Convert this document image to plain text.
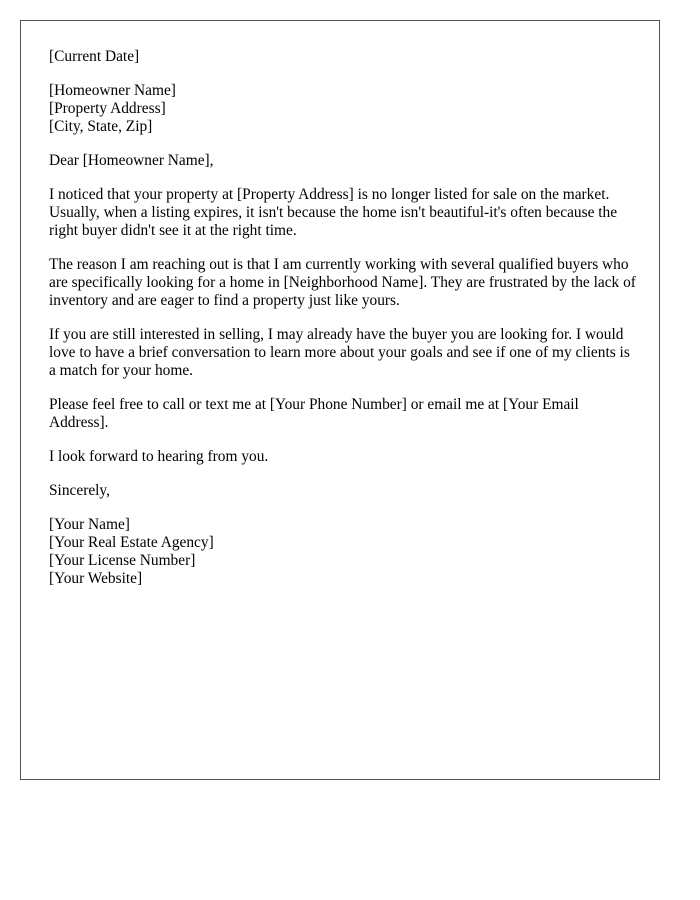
[Current Date]
[Homeowner Name]
[Property Address]
[City, State, Zip]

Dear [Homeowner Name],

I noticed that your property at [Property Address] is no longer listed for sale on the market. Usually, when a listing expires, it isn't because the home isn't beautiful-it's often because the right buyer didn't see it at the right time.

The reason I am reaching out is that I am currently working with several qualified buyers who are specifically looking for a home in [Neighborhood Name]. They are frustrated by the lack of inventory and are eager to find a property just like yours.

If you are still interested in selling, I may already have the buyer you are looking for. I would love to have a brief conversation to learn more about your goals and see if one of my clients is a match for your home.

Please feel free to call or text me at [Your Phone Number] or email me at [Your Email Address].

I look forward to hearing from you.

Sincerely,

[Your Name]
[Your Real Estate Agency]
[Your License Number]
[Your Website]
